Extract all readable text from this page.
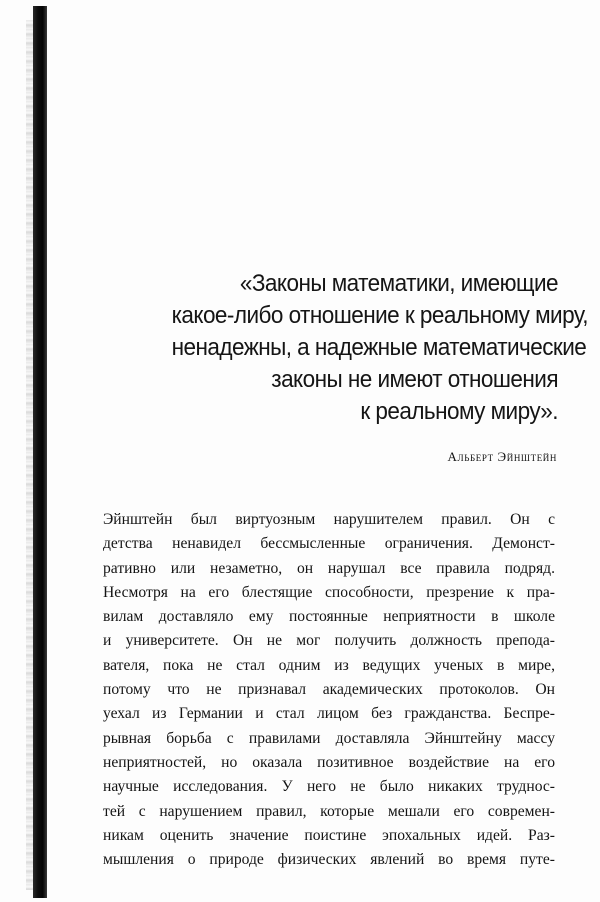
«Законы математики, имеющие
какое-либо отношение к реальному миру,
ненадежны, а надежные математические
законы не имеют отношения
к реальному миру».
Альберт Эйнштейн
Эйнштейн был виртуозным нарушителем правил. Он с
детства ненавидел бессмысленные ограничения. Демонст-
ративно или незаметно, он нарушал все правила подряд.
Несмотря на его блестящие способности, презрение к пра-
вилам доставляло ему постоянные неприятности в школе
и университете. Он не мог получить должность препода-
вателя, пока не стал одним из ведущих ученых в мире,
потому что не признавал академических протоколов. Он
уехал из Германии и стал лицом без гражданства. Беспре-
рывная борьба с правилами доставляла Эйнштейну массу
неприятностей, но оказала позитивное воздействие на его
научные исследования. У него не было никаких труднос-
тей с нарушением правил, которые мешали его современ-
никам оценить значение поистине эпохальных идей. Раз-
мышления о природе физических явлений во время путе-
